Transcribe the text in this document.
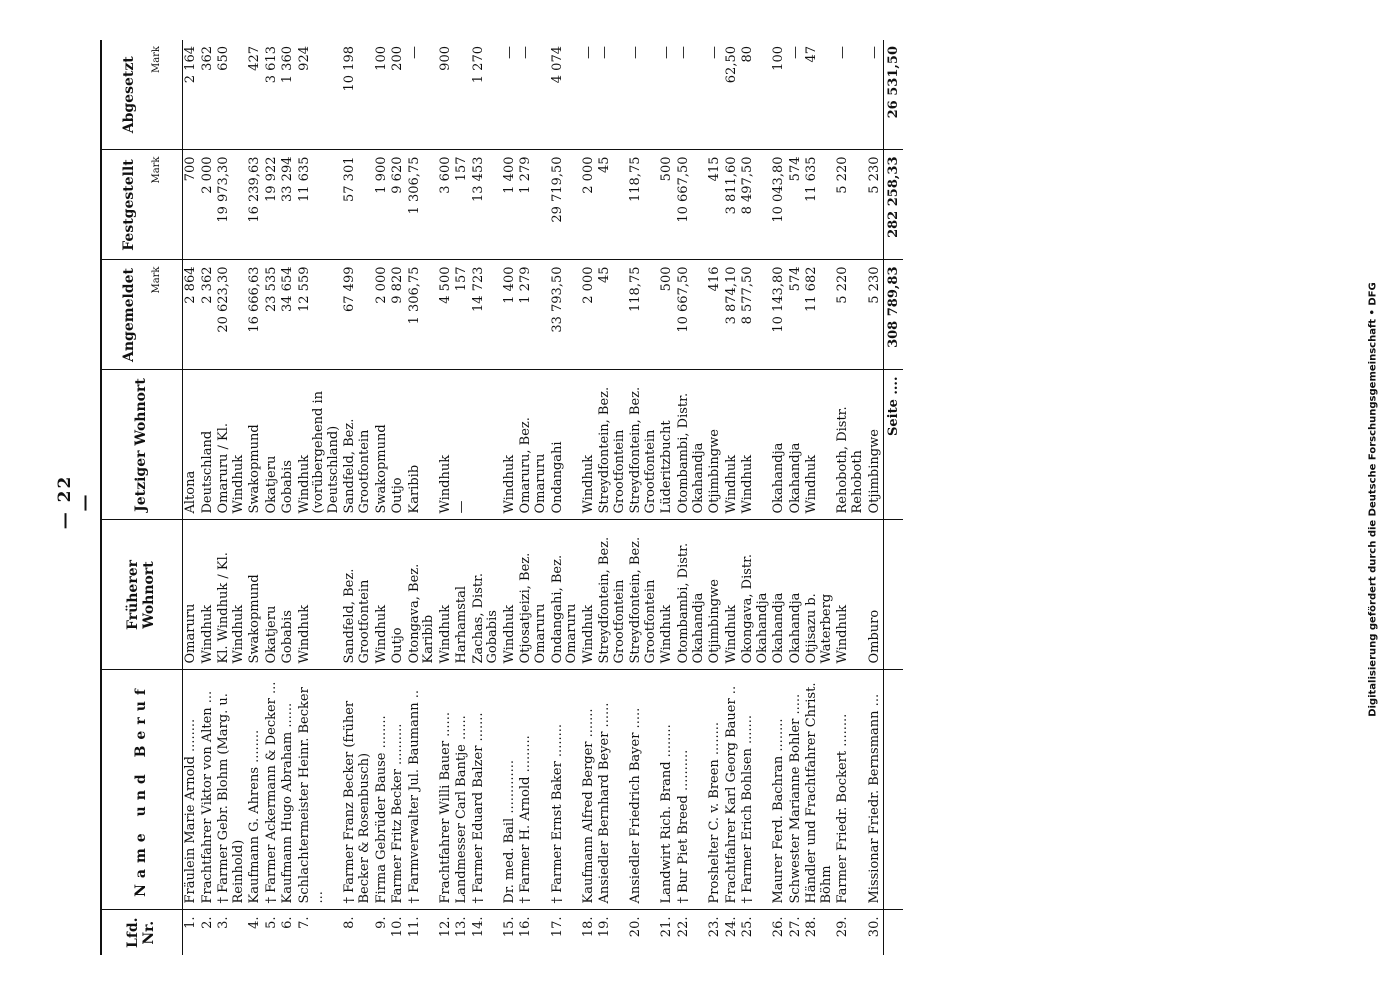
— 22 —	Digitalisierung gefördert durch die Deutsche Forschungsgemeinschaft • DFG
Lfd. Nr.	Name und Beruf	Früherer Wohnort	Jetziger Wohnort	Angemeldet Mark	Festgestellt Mark	Abgesetzt Mark

1.	Fräulein Marie Arnold ........	Omaruru	Altona	2 864	700	2 164
2.	Frachtfahrer Viktor von Alten ...	Windhuk	Deutschland	2 362	2 000	362
3.	† Farmer Gebr. Blohm (Marg. u. Reinhold)	Kl. Windhuk / Kl. Windhuk	Omaruru / Kl. Windhuk	20 623,30	19 973,30	650
4.	Kaufmann G. Ahrens ........	Swakopmund	Swakopmund	16 666,63	16 239,63	427
5.	† Farmer Ackermann & Decker ...	Okatjeru	Okatjeru	23 535	19 922	3 613
6.	Kaufmann Hugo Abraham ......	Gobabis	Gobabis	34 654	33 294	1 360
7.	Schlachtermeister Heinr. Becker ...	Windhuk	Windhuk (vorübergehend in Deutschland)	12 559	11 635	924
8.	† Farmer Franz Becker (früher Becker & Rosenbusch)	Sandfeld, Bez. Grootfontein	Sandfeld, Bez. Grootfontein	67 499	57 301	10 198
9.	Firma Gebrüder Bause ........	Windhuk	Swakopmund	2 000	1 900	100
10.	Farmer Fritz Becker ..........	Outjo	Outjo	9 820	9 620	200
11.	† Farmverwalter Jul. Baumann ..	Otongava, Bez. Karibib	Karibib	1 306,75	1 306,75	—
12.	Frachtfahrer Willi Bauer ......	Windhuk	Windhuk	4 500	3 600	900
13.	Landmesser Carl Bantje ......	Harhamstal	—	157	157	
14.	† Farmer Eduard Balzer .......	Zachas, Distr. Gobabis		14 723	13 453	1 270
15.	Dr. med. Bail .............	Windhuk	Windhuk	1 400	1 400	—
16.	† Farmer H. Arnold .........	Otjosatjeizi, Bez. Omaruru	Omaruru, Bez. Omaruru	1 279	1 279	—
17.	† Farmer Ernst Baker ........	Ondangahi, Bez. Omaruru	Ondangahi	33 793,50	29 719,50	4 074
18.	Kaufmann Alfred Berger .......	Windhuk	Windhuk	2 000	2 000	—
19.	Ansiedler Bernhard Beyer ......	Streydfontein, Bez. Grootfontein	Streydfontein, Bez. Grootfontein	45	45	—
20.	Ansiedler Friedrich Bayer .....	Streydfontein, Bez. Grootfontein	Streydfontein, Bez. Grootfontein	118,75	118,75	—
21.	Landwirt Rich. Brand ........	Windhuk	Lüderitzbucht	500	500	—
22.	† Bur Piet Breed ..........	Otombambi, Distr. Okahandja	Otombambi, Distr. Okahandja	10 667,50	10 667,50	—
23.	Proshelter C. v. Breen ........	Otjimbingwe	Otjimbingwe	416	415	—
24.	Frachtfahrer Karl Georg Bauer ..	Windhuk	Windhuk	3 874,10	3 811,60	62,50
25.	† Farmer Erich Bohlsen .......	Okongava, Distr. Okahandja	Windhuk	8 577,50	8 497,50	80
26.	Maurer Ferd. Bachran ........	Okahandja	Okahandja	10 143,80	10 043,80	100
27.	Schwester Marianne Bohler .....	Okahandja	Okahandja	574	574	—
28.	Händler und Frachtfahrer Christ. Böhm	Otjisazu b. Waterberg	Windhuk	11 682	11 635	47
29.	Farmer Friedr. Bockert ........	Windhuk	Rehoboth, Distr. Rehoboth	5 220	5 220	—
30.	Missionar Friedr. Bernsmann ...	Omburo	Otjimbingwe	5 230	5 230	—
			Seite ....	308 789,83	282 258,33	26 531,50
